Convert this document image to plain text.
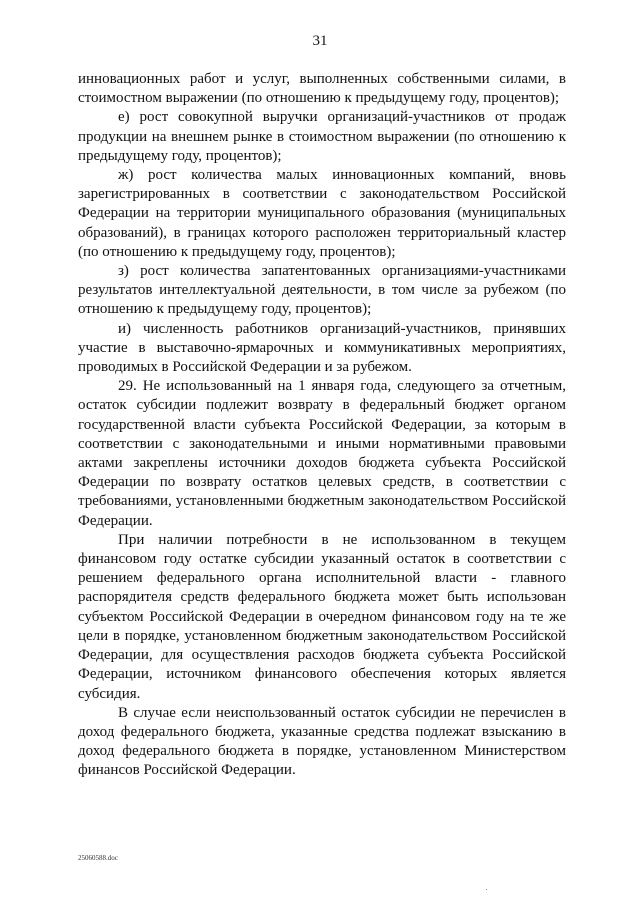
31

инновационных работ и услуг, выполненных собственными силами, в стоимостном выражении (по отношению к предыдущему году, процентов);

е) рост совокупной выручки организаций-участников от продаж продукции на внешнем рынке в стоимостном выражении (по отношению к предыдущему году, процентов);

ж) рост количества малых инновационных компаний, вновь зарегистрированных в соответствии с законодательством Российской Федерации на территории муниципального образования (муниципальных образований), в границах которого расположен территориальный кластер (по отношению к предыдущему году, процентов);

з) рост количества запатентованных организациями-участниками результатов интеллектуальной деятельности, в том числе за рубежом (по отношению к предыдущему году, процентов);

и) численность работников организаций-участников, принявших участие в выставочно-ярмарочных и коммуникативных мероприятиях, проводимых в Российской Федерации и за рубежом.

29. Не использованный на 1 января года, следующего за отчетным, остаток субсидии подлежит возврату в федеральный бюджет органом государственной власти субъекта Российской Федерации, за которым в соответствии с законодательными и иными нормативными правовыми актами закреплены источники доходов бюджета субъекта Российской Федерации по возврату остатков целевых средств, в соответствии с требованиями, установленными бюджетным законодательством Российской Федерации.

При наличии потребности в не использованном в текущем финансовом году остатке субсидии указанный остаток в соответствии с решением федерального органа исполнительной власти - главного распорядителя средств федерального бюджета может быть использован субъектом Российской Федерации в очередном финансовом году на те же цели в порядке, установленном бюджетным законодательством Российской Федерации, для осуществления расходов бюджета субъекта Российской Федерации, источником финансового обеспечения которых является субсидия.

В случае если неиспользованный остаток субсидии не перечислен в доход федерального бюджета, указанные средства подлежат взысканию в доход федерального бюджета в порядке, установленном Министерством финансов Российской Федерации.

25060588.doc
